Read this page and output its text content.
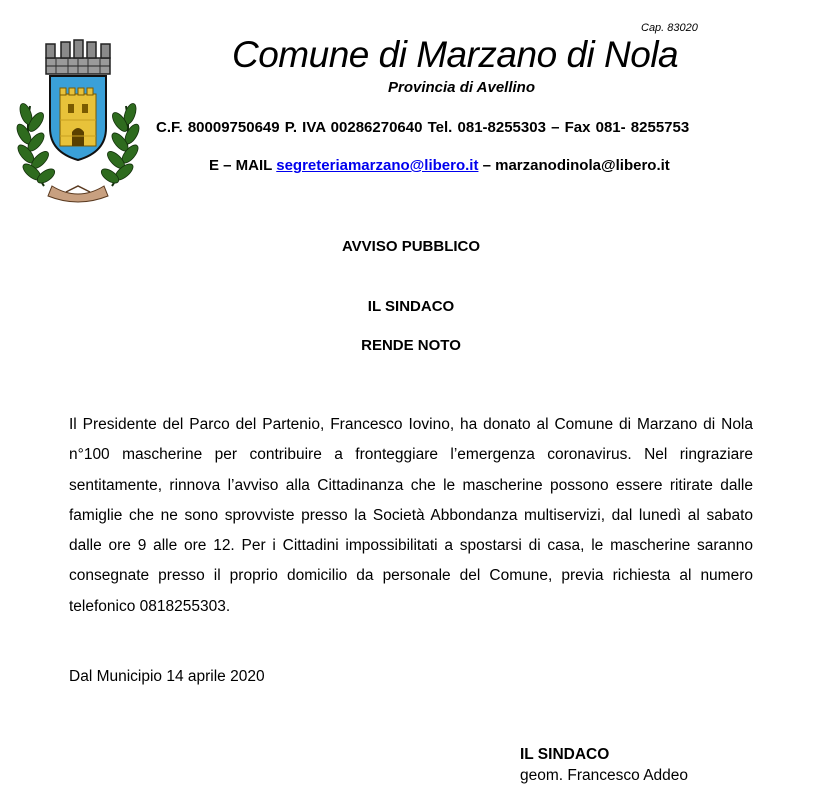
Cap. 83020
Comune di Marzano di Nola
Provincia di Avellino
C.F. 80009750649 P. IVA 00286270640 Tel. 081-8255303 – Fax 081- 8255753
E – MAIL segreteriamarzano@libero.it – marzanodinola@libero.it
AVVISO PUBBLICO
IL SINDACO
RENDE NOTO
Il Presidente del Parco del Partenio, Francesco Iovino, ha donato al Comune di Marzano di Nola n°100 mascherine per contribuire a fronteggiare l’emergenza coronavirus. Nel ringraziare sentitamente, rinnova l’avviso alla Cittadinanza che le mascherine possono essere ritirate dalle famiglie che ne sono sprovviste presso la Società Abbondanza multiservizi, dal lunedì al sabato dalle ore 9 alle ore 12. Per i Cittadini impossibilitati a spostarsi di casa, le mascherine saranno consegnate presso il proprio domicilio da personale del Comune, previa richiesta al numero telefonico 0818255303.
Dal Municipio 14 aprile 2020
IL SINDACO
geom. Francesco Addeo
